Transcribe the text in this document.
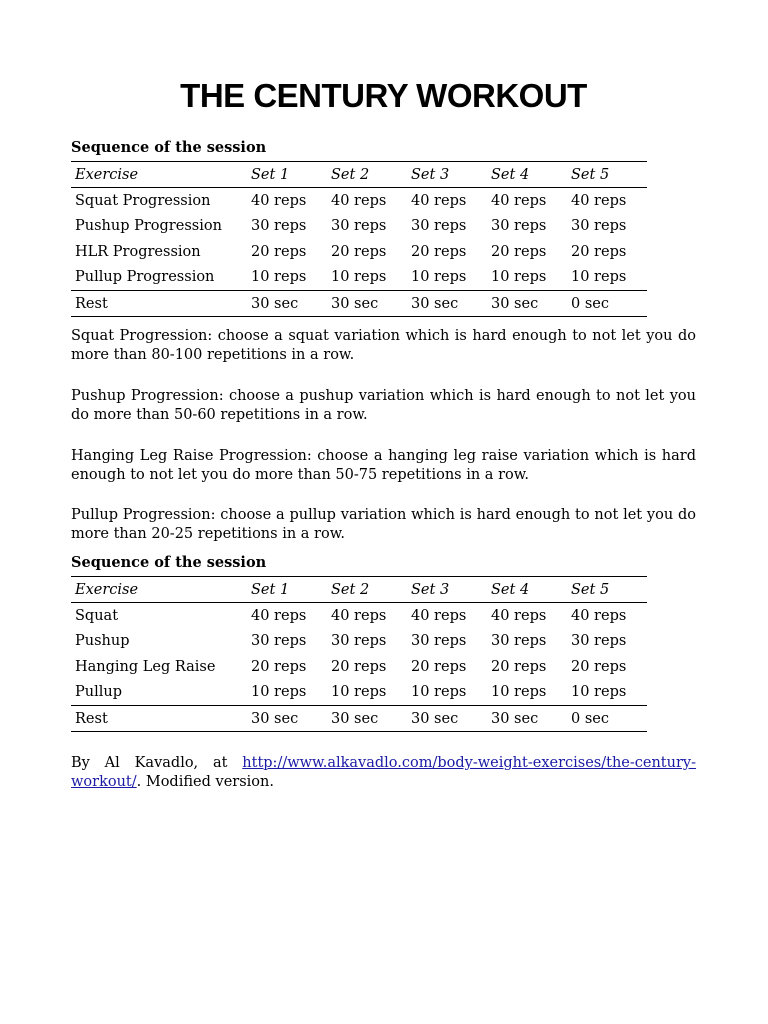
THE CENTURY WORKOUT
Sequence of the session
Exercise	Set 1	Set 2	Set 3	Set 4	Set 5
Squat Progression	40 reps	40 reps	40 reps	40 reps	40 reps
Pushup Progression	30 reps	30 reps	30 reps	30 reps	30 reps
HLR Progression	20 reps	20 reps	20 reps	20 reps	20 reps
Pullup Progression	10 reps	10 reps	10 reps	10 reps	10 reps
Rest	30 sec	30 sec	30 sec	30 sec	0 sec

Squat Progression: choose a squat variation which is hard enough to not let you do more than 80-100 repetitions in a row.

Pushup Progression: choose a pushup variation which is hard enough to not let you do more than 50-60 repetitions in a row.

Hanging Leg Raise Progression: choose a hanging leg raise variation which is hard enough to not let you do more than 50-75 repetitions in a row.

Pullup Progression: choose a pullup variation which is hard enough to not let you do more than 20-25 repetitions in a row.

Sequence of the session
Exercise	Set 1	Set 2	Set 3	Set 4	Set 5
Squat	40 reps	40 reps	40 reps	40 reps	40 reps
Pushup	30 reps	30 reps	30 reps	30 reps	30 reps
Hanging Leg Raise	20 reps	20 reps	20 reps	20 reps	20 reps
Pullup	10 reps	10 reps	10 reps	10 reps	10 reps
Rest	30 sec	30 sec	30 sec	30 sec	0 sec

By Al Kavadlo, at http://www.alkavadlo.com/body-weight-exercises/the-century-workout/. Modified version.
